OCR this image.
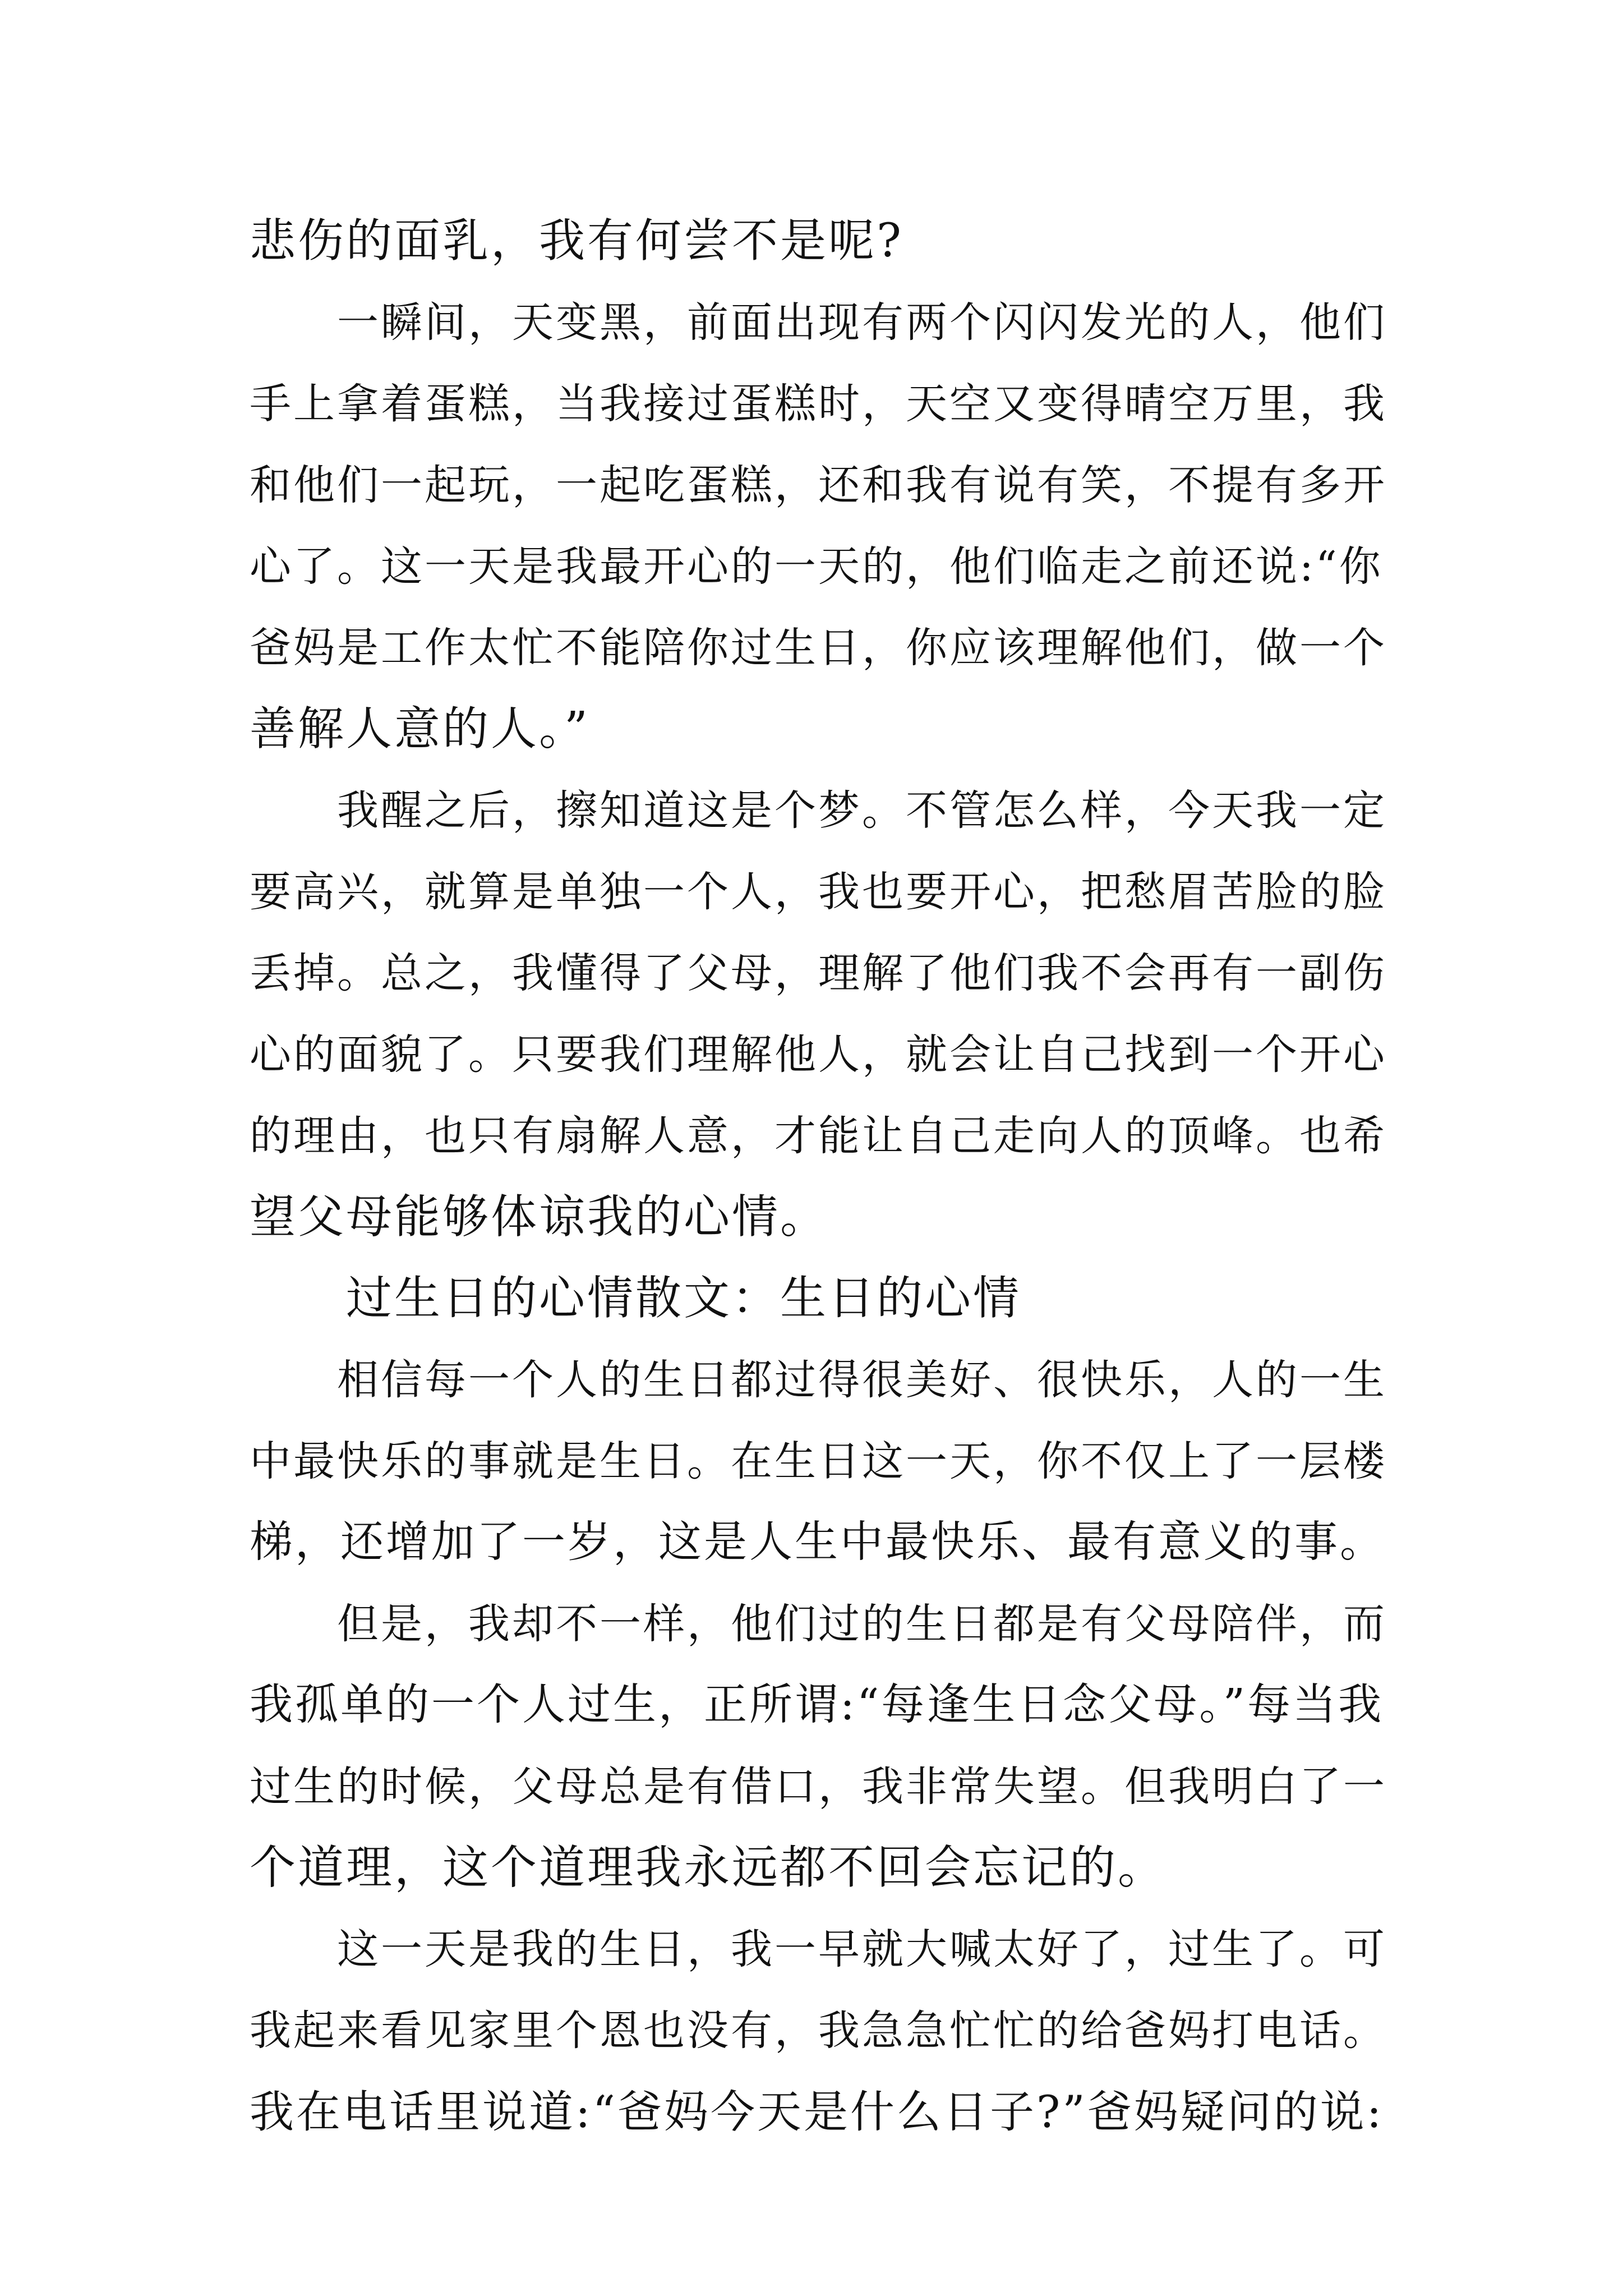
悲伤的面乳，我有何尝不是呢?
　　一瞬间，天变黑，前面出现有两个闪闪发光的人，他们
手上拿着蛋糕，当我接过蛋糕时，天空又变得晴空万里，我
和他们一起玩，一起吃蛋糕，还和我有说有笑，不提有多开
心了。这一天是我最开心的一天的，他们临走之前还说:“你
爸妈是工作太忙不能陪你过生日，你应该理解他们，做一个
善解人意的人。”
　　我醒之后，擦知道这是个梦。不管怎么样，今天我一定
要高兴，就算是单独一个人，我也要开心，把愁眉苦脸的脸
丢掉。总之，我懂得了父母，理解了他们我不会再有一副伤
心的面貌了。只要我们理解他人，就会让自己找到一个开心
的理由，也只有扇解人意，才能让自己走向人的顶峰。也希
望父母能够体谅我的心情。
　　过生日的心情散文：生日的心情
　　相信每一个人的生日都过得很美好、很快乐，人的一生
中最快乐的事就是生日。在生日这一天，你不仅上了一层楼
梯，还增加了一岁，这是人生中最快乐、最有意义的事。
　　但是，我却不一样，他们过的生日都是有父母陪伴，而
我孤单的一个人过生，正所谓:“每逢生日念父母。”每当我
过生的时候，父母总是有借口，我非常失望。但我明白了一
个道理，这个道理我永远都不回会忘记的。
　　这一天是我的生日，我一早就大喊太好了，过生了。可
我起来看见家里个恩也没有，我急急忙忙的给爸妈打电话。
我在电话里说道:“爸妈今天是什么日子?”爸妈疑问的说:
